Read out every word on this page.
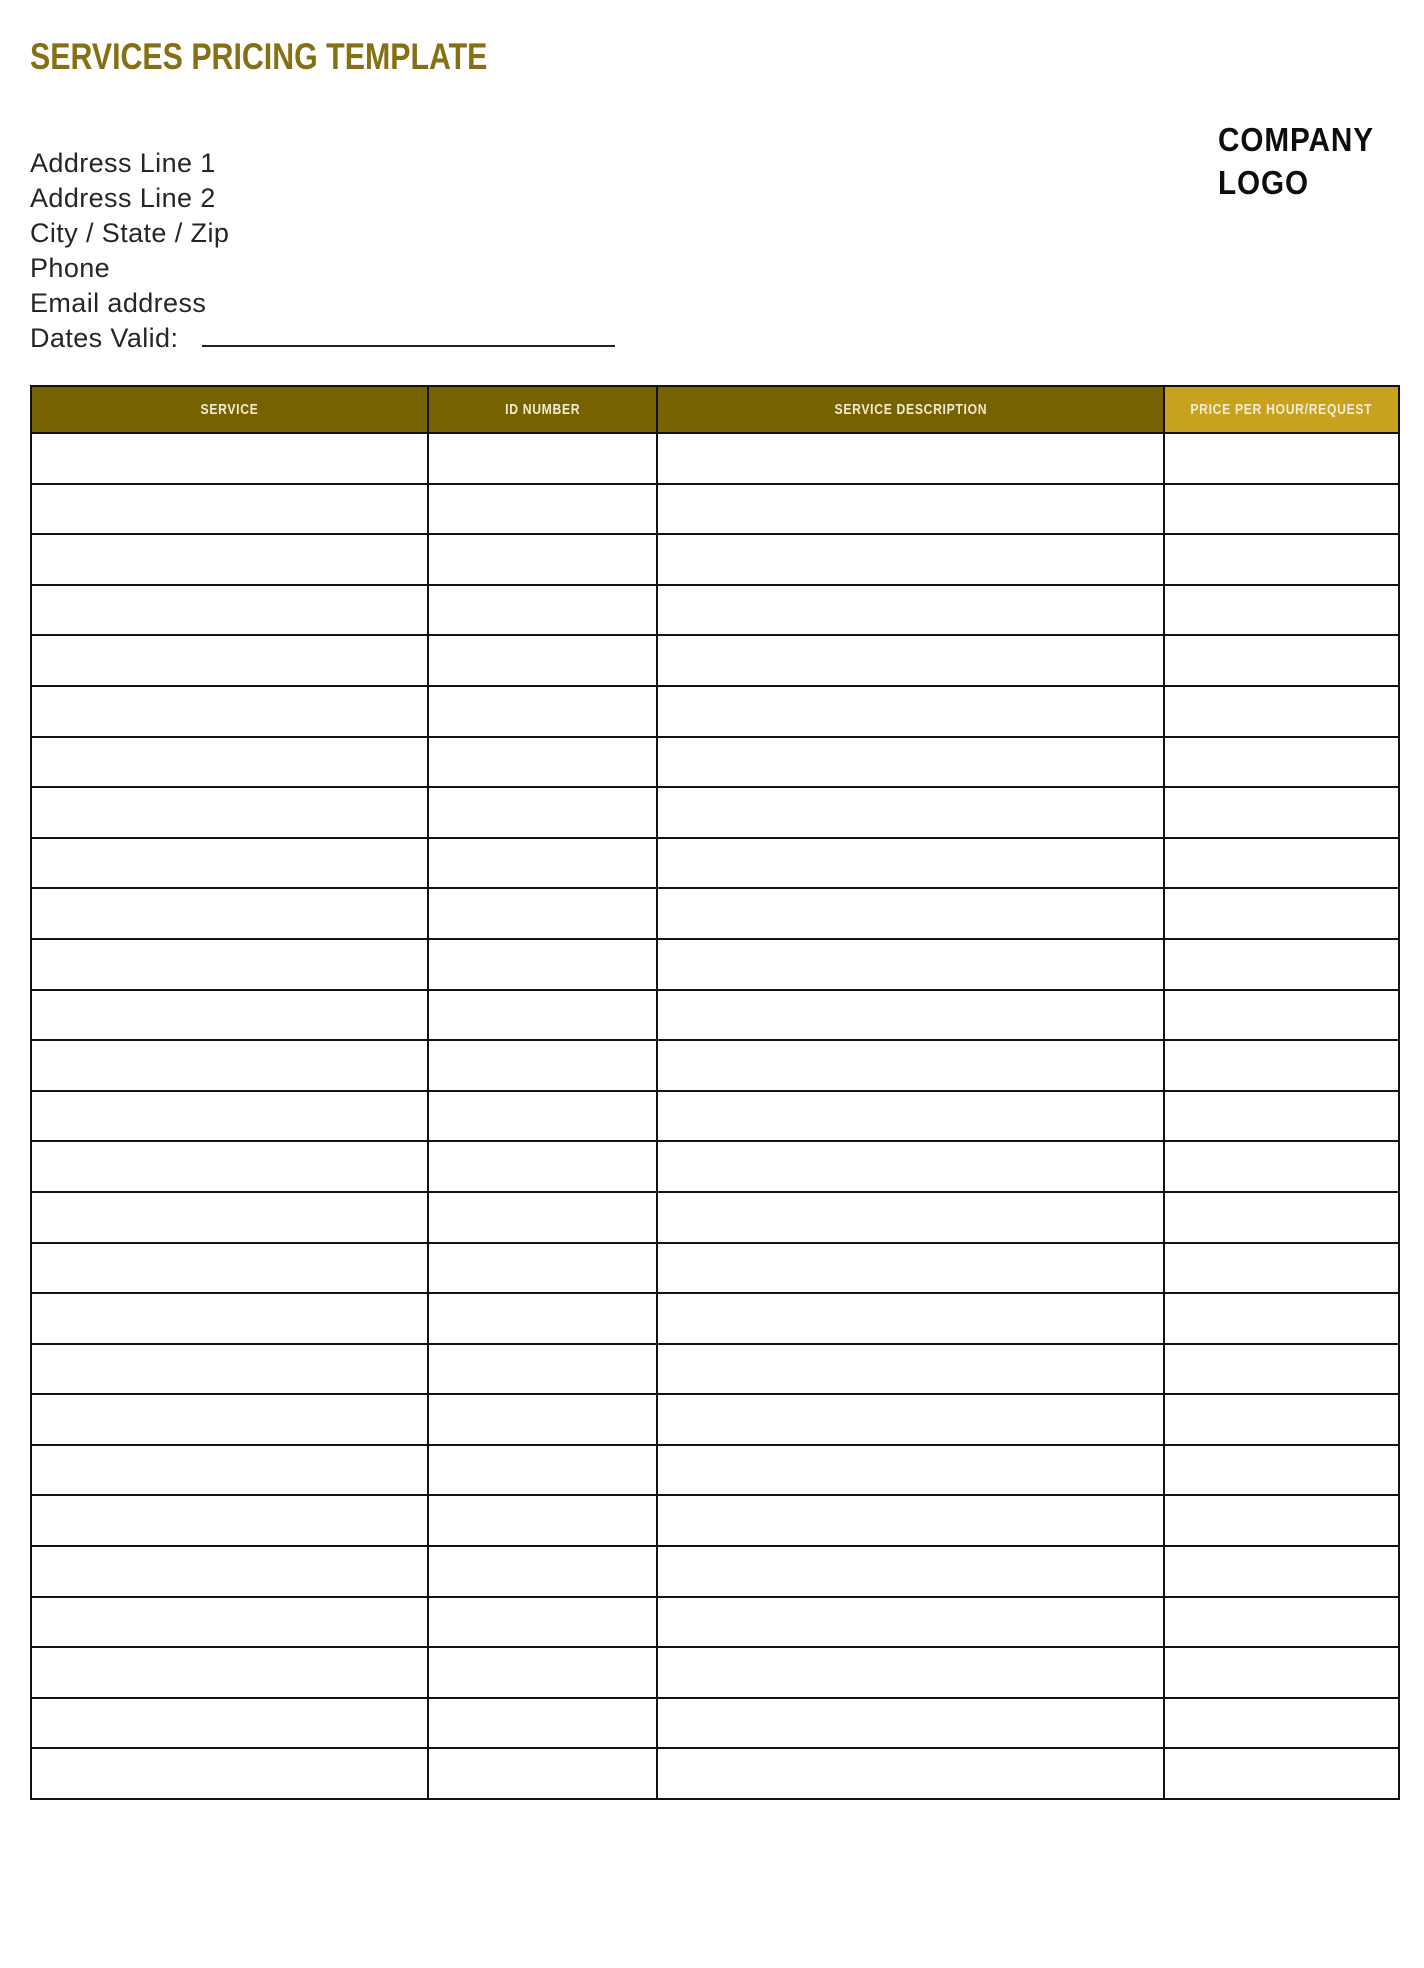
SERVICES PRICING TEMPLATE
COMPANY
LOGO
Address Line 1
Address Line 2
City / State / Zip
Phone
Email address
Dates Valid:
SERVICE	ID NUMBER	SERVICE DESCRIPTION	PRICE PER HOUR/REQUEST
